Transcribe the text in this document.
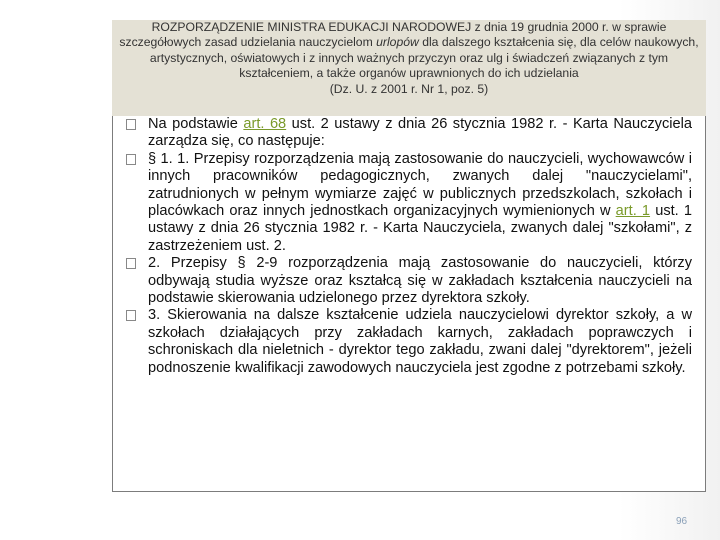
ROZPORZĄDZENIE MINISTRA EDUKACJI NARODOWEJ z dnia 19 grudnia 2000 r. w sprawie szczegółowych zasad udzielania nauczycielom urlopów dla dalszego kształcenia się, dla celów naukowych, artystycznych, oświatowych i z innych ważnych przyczyn oraz ulg i świadczeń związanych z tym kształceniem, a także organów uprawnionych do ich udzielania
(Dz. U. z 2001 r. Nr 1, poz. 5)
Na podstawie art. 68 ust. 2 ustawy z dnia 26 stycznia 1982 r. - Karta Nauczyciela zarządza się, co następuje:
§ 1. 1. Przepisy rozporządzenia mają zastosowanie do nauczycieli, wychowawców i innych pracowników pedagogicznych, zwanych dalej "nauczycielami", zatrudnionych w pełnym wymiarze zajęć w publicznych przedszkolach, szkołach i placówkach oraz innych jednostkach organizacyjnych wymienionych w art. 1 ust. 1 ustawy z dnia 26 stycznia 1982 r. - Karta Nauczyciela, zwanych dalej "szkołami", z zastrzeżeniem ust. 2.
2. Przepisy § 2-9 rozporządzenia mają zastosowanie do nauczycieli, którzy odbywają studia wyższe oraz kształcą się w zakładach kształcenia nauczycieli na podstawie skierowania udzielonego przez dyrektora szkoły.
3. Skierowania na dalsze kształcenie udziela nauczycielowi dyrektor szkoły, a w szkołach działających przy zakładach karnych, zakładach poprawczych i schroniskach dla nieletnich - dyrektor tego zakładu, zwani dalej "dyrektorem", jeżeli podnoszenie kwalifikacji zawodowych nauczyciela jest zgodne z potrzebami szkoły.
96
